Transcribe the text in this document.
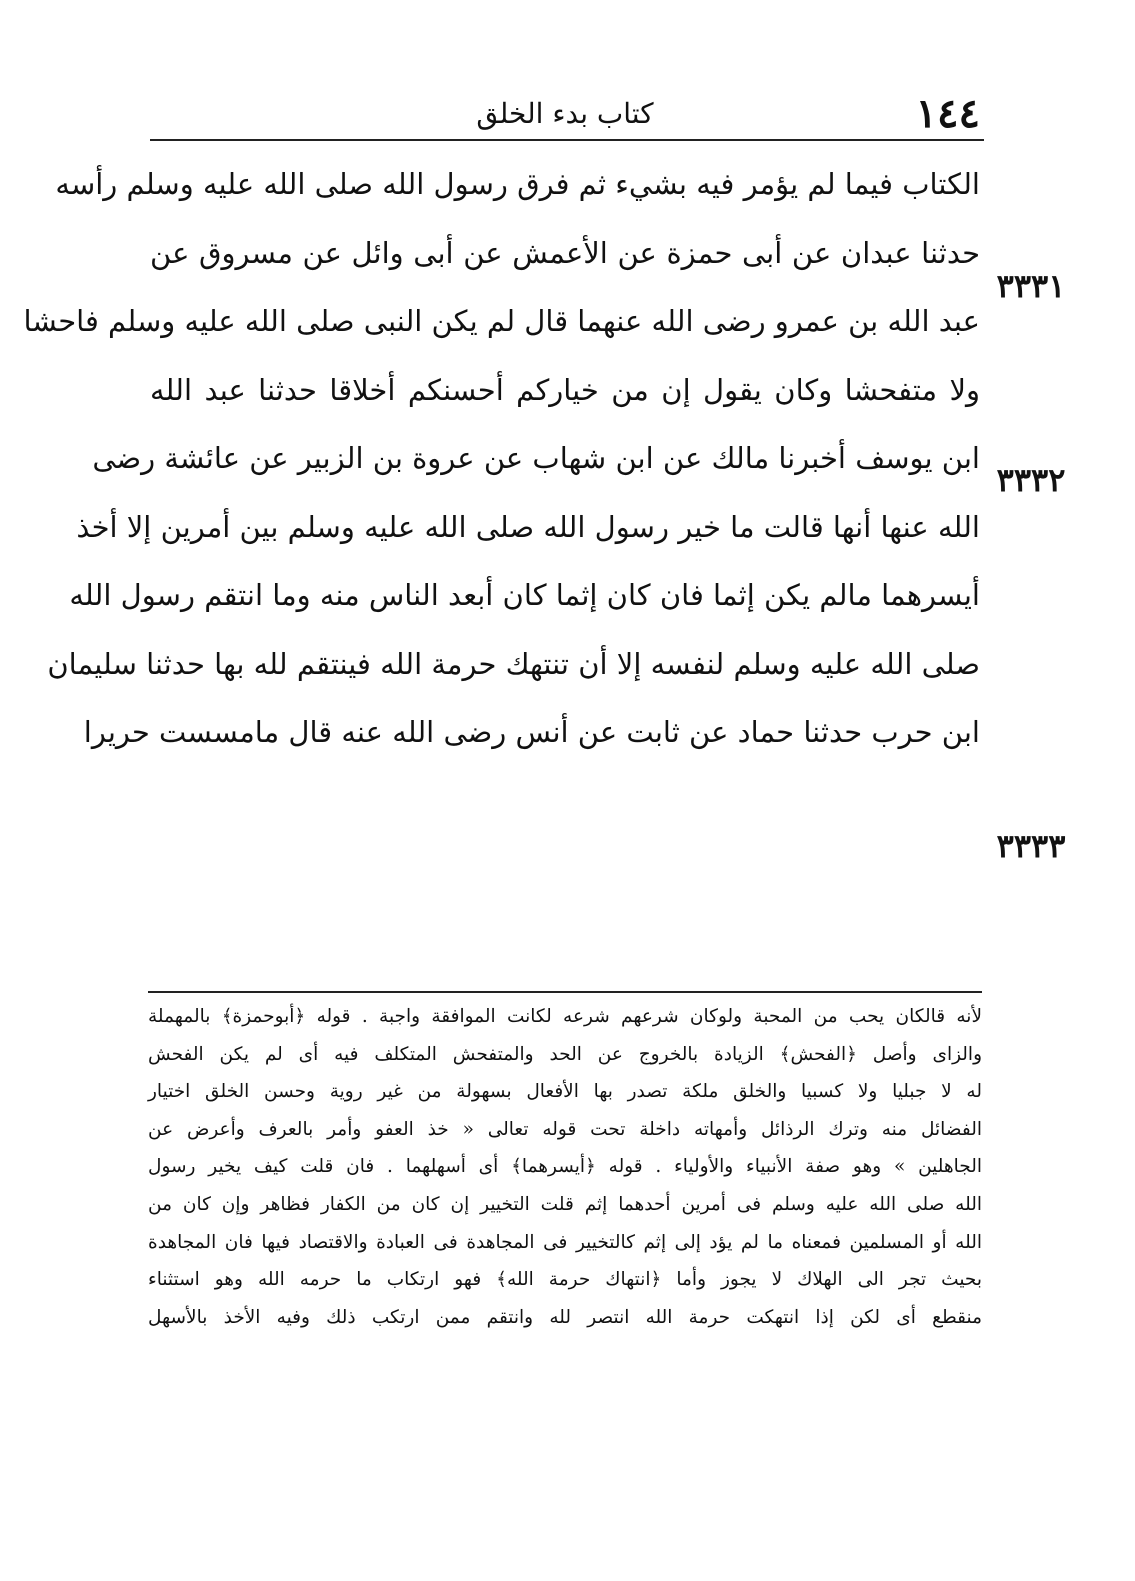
١٤٤
كتاب بدء الخلق
الكتاب فيما لم يؤمر فيه بشيء ثم فرق رسول الله صلى الله عليه وسلم رأسه
حدثنا عبدان عن أبى حمزة عن الأعمش عن أبى وائل عن مسروق عن
عبد الله بن عمرو رضى الله عنهما قال لم يكن النبى صلى الله عليه وسلم فاحشا
ولا متفحشا وكان يقول إن من خياركم أحسنكم أخلاقا حدثنا عبد الله
ابن يوسف أخبرنا مالك عن ابن شهاب عن عروة بن الزبير عن عائشة رضى
الله عنها أنها قالت ما خير رسول الله صلى الله عليه وسلم بين أمرين إلا أخذ
أيسرهما مالم يكن إثما فان كان إثما كان أبعد الناس منه وما انتقم رسول الله
صلى الله عليه وسلم لنفسه إلا أن تنتهك حرمة الله فينتقم لله بها حدثنا سليمان
ابن حرب حدثنا حماد عن ثابت عن أنس رضى الله عنه قال مامسست حريرا
٣٣٣١
٣٣٣٢
٣٣٣٣
لأنه قالكان يحب من المحبة ولوكان شرعهم شرعه لكانت الموافقة واجبة . قوله ﴿أبوحمزة﴾ بالمهملة
والزاى وأصل ﴿الفحش﴾ الزيادة بالخروج عن الحد والمتفحش المتكلف فيه أى لم يكن الفحش
له لا جبليا ولا كسبيا والخلق ملكة تصدر بها الأفعال بسهولة من غير روية وحسن الخلق اختيار
الفضائل منه وترك الرذائل وأمهاته داخلة تحت قوله تعالى « خذ العفو وأمر بالعرف وأعرض عن
الجاهلين » وهو صفة الأنبياء والأولياء . قوله ﴿أيسرهما﴾ أى أسهلهما . فان قلت كيف يخير رسول
الله صلى الله عليه وسلم فى أمرين أحدهما إثم قلت التخيير إن كان من الكفار فظاهر وإن كان من
الله أو المسلمين فمعناه ما لم يؤد إلى إثم كالتخيير فى المجاهدة فى العبادة والاقتصاد فيها فان المجاهدة
بحيث تجر الى الهلاك لا يجوز وأما ﴿انتهاك حرمة الله﴾ فهو ارتكاب ما حرمه الله وهو استثناء
منقطع أى لكن إذا انتهكت حرمة الله انتصر لله وانتقم ممن ارتكب ذلك وفيه الأخذ بالأسهل
